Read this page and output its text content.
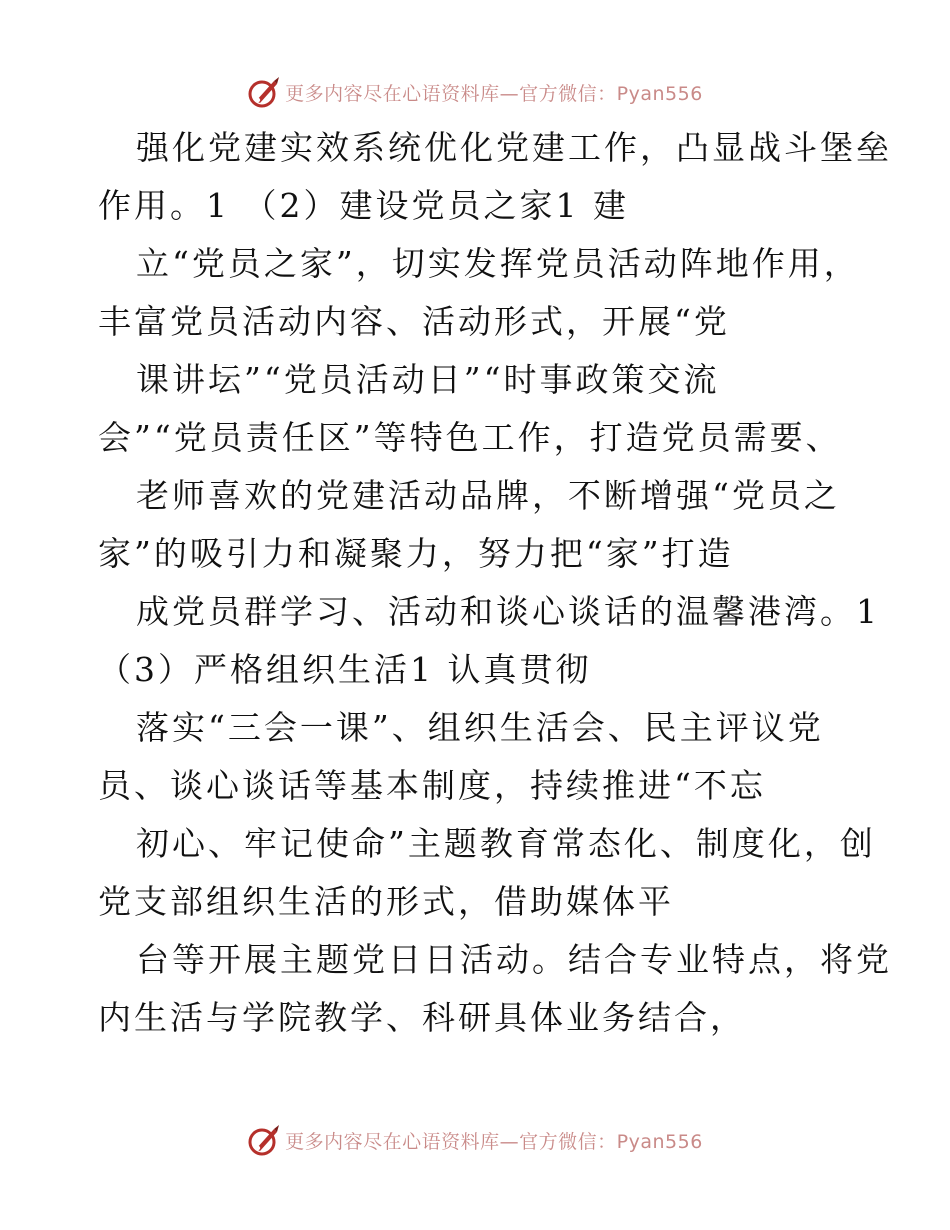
更多内容尽在心语资料库—官方微信：Pyan556
强化党建实效系统优化党建工作，凸显战斗堡垒
作用。1 （2）建设党员之家1 建
立“党员之家”，切实发挥党员活动阵地作用，
丰富党员活动内容、活动形式，开展“党
课讲坛”“党员活动日”“时事政策交流
会”“党员责任区”等特色工作，打造党员需要、
老师喜欢的党建活动品牌，不断增强“党员之
家”的吸引力和凝聚力，努力把“家”打造
成党员群学习、活动和谈心谈话的温馨港湾。1
（3）严格组织生活1 认真贯彻
落实“三会一课”、组织生活会、民主评议党
员、谈心谈话等基本制度，持续推进“不忘
初心、牢记使命”主题教育常态化、制度化，创
党支部组织生活的形式，借助媒体平
台等开展主题党日日活动。结合专业特点，将党
内生活与学院教学、科研具体业务结合，
更多内容尽在心语资料库—官方微信：Pyan556
